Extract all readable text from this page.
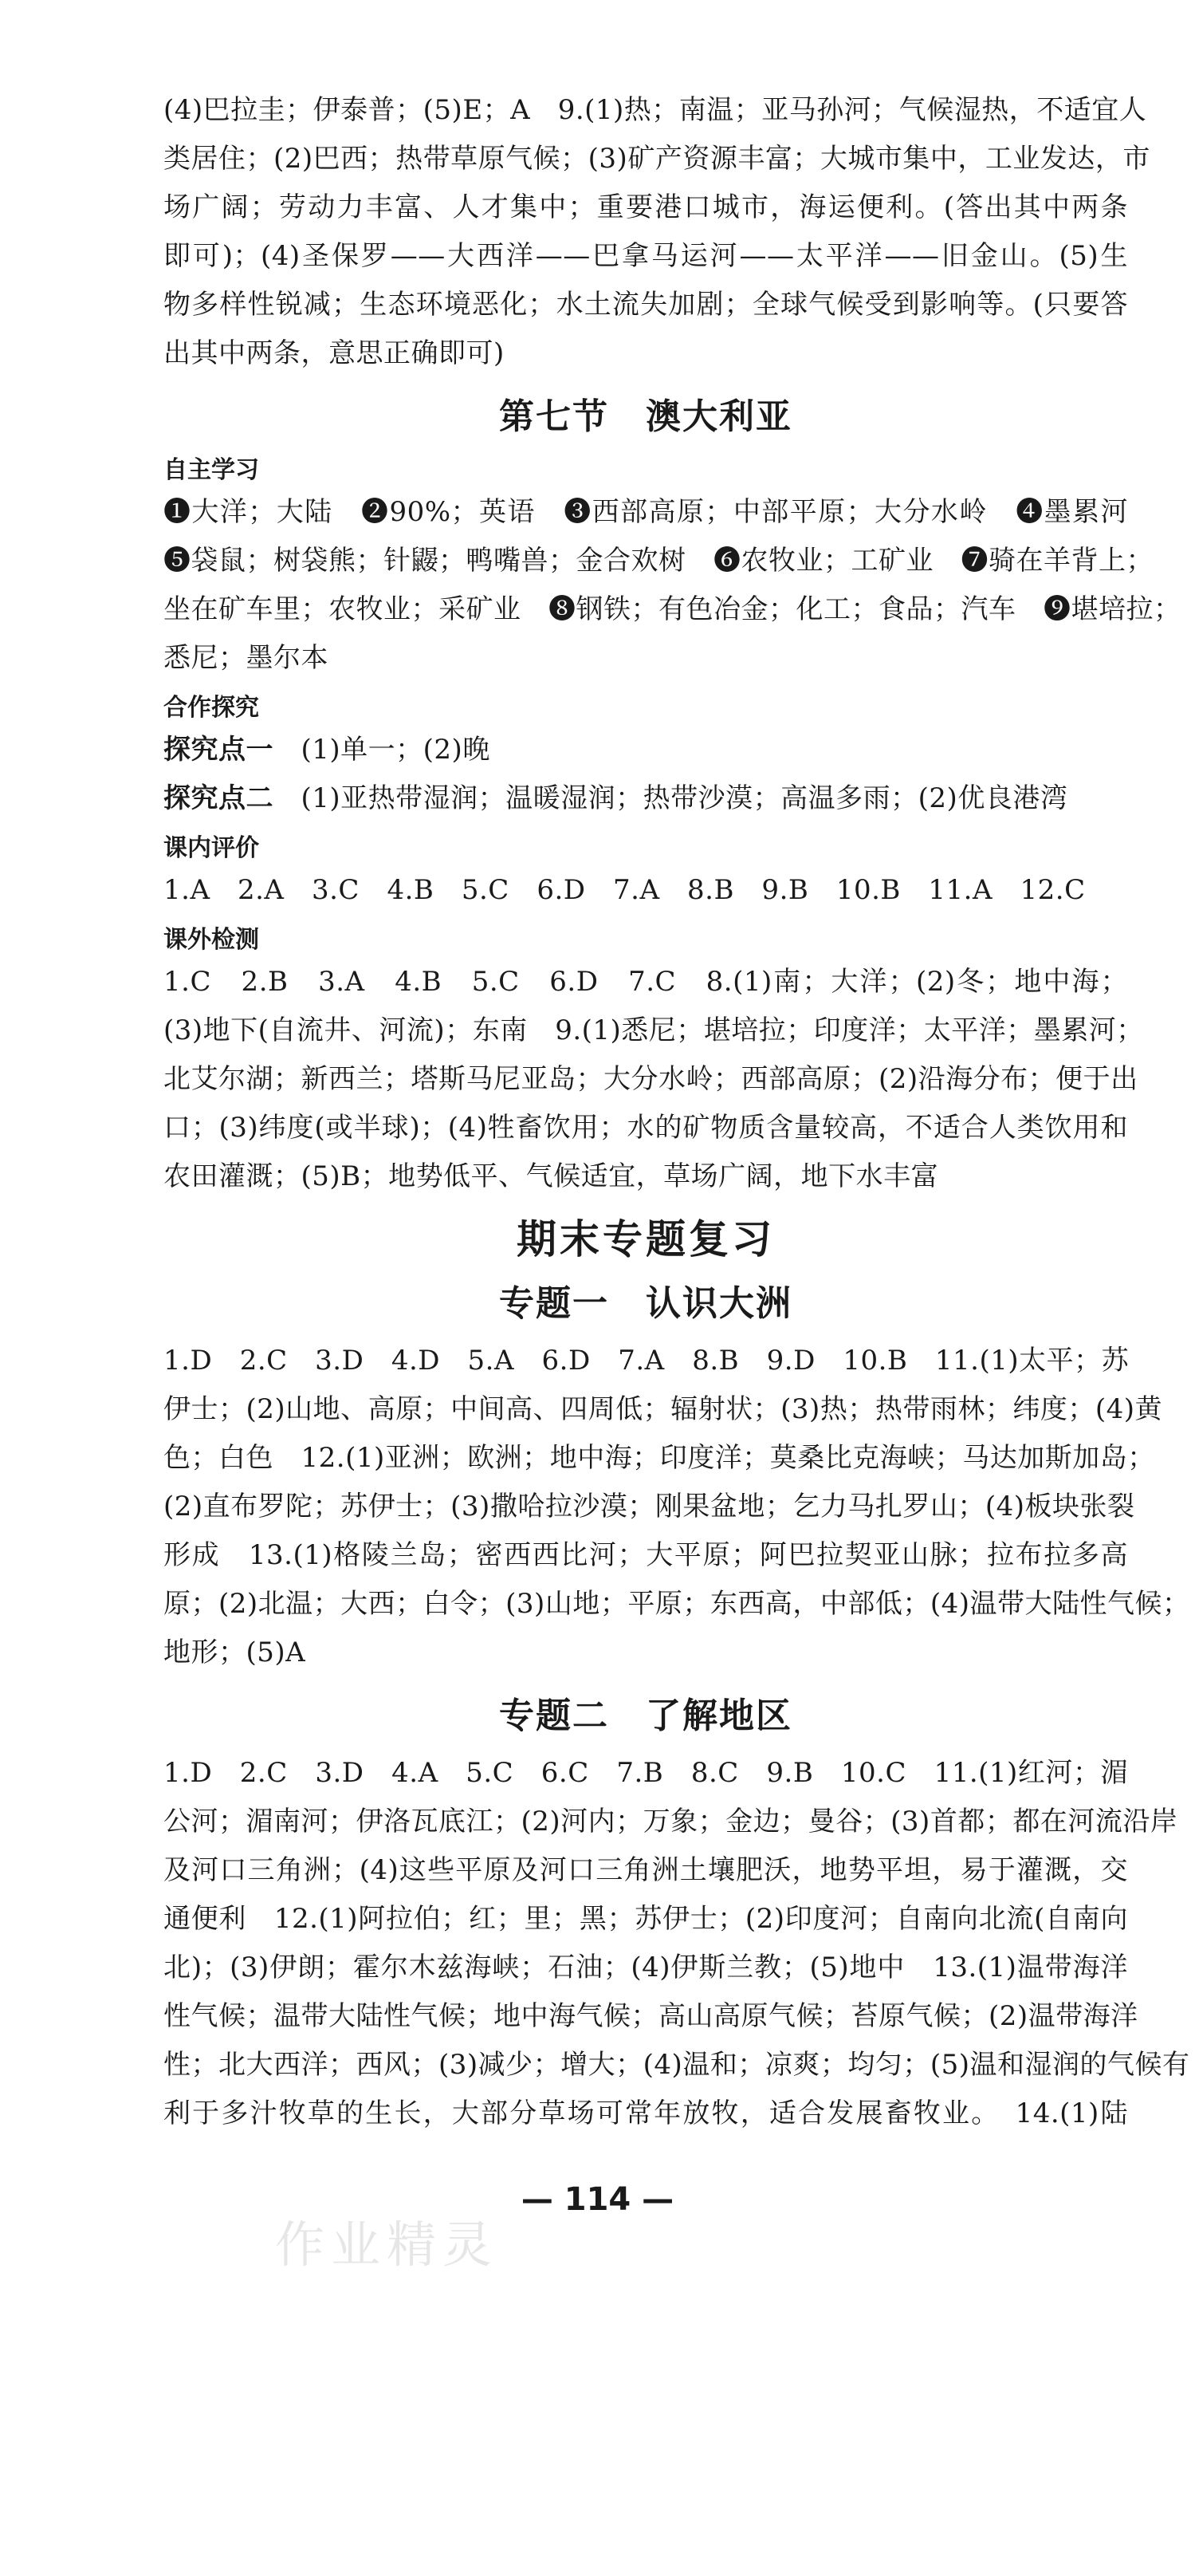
(4)巴拉圭；伊泰普；(5)E；A　9.(1)热；南温；亚马孙河；气候湿热，不适宜人

类居住；(2)巴西；热带草原气候；(3)矿产资源丰富；大城市集中，工业发达，市

场广阔；劳动力丰富、人才集中；重要港口城市，海运便利。(答出其中两条

即可)；(4)圣保罗——大西洋——巴拿马运河——太平洋——旧金山。(5)生

物多样性锐减；生态环境恶化；水土流失加剧；全球气候受到影响等。(只要答

出其中两条，意思正确即可)

第七节　澳大利亚
自主学习

❶大洋；大陆　❷90%；英语　❸西部高原；中部平原；大分水岭　❹墨累河

❺袋鼠；树袋熊；针鼹；鸭嘴兽；金合欢树　❻农牧业；工矿业　❼骑在羊背上；

坐在矿车里；农牧业；采矿业　❽钢铁；有色冶金；化工；食品；汽车　❾堪培拉；

悉尼；墨尔本

合作探究

探究点一　 (1)单一；(2)晚

探究点二　 (1)亚热带湿润；温暖湿润；热带沙漠；高温多雨；(2)优良港湾

课内评价

1.A　2.A　3.C　4.B　5.C　6.D　7.A　8.B　9.B　10.B　11.A　12.C

课外检测

1.C　2.B　3.A　4.B　5.C　6.D　7.C　8.(1)南；大洋；(2)冬；地中海；

(3)地下(自流井、河流)；东南　9.(1)悉尼；堪培拉；印度洋；太平洋；墨累河；

北艾尔湖；新西兰；塔斯马尼亚岛；大分水岭；西部高原；(2)沿海分布；便于出

口；(3)纬度(或半球)；(4)牲畜饮用；水的矿物质含量较高，不适合人类饮用和

农田灌溉；(5)B；地势低平、气候适宜，草场广阔，地下水丰富

期末专题复习
专题一　认识大洲

1.D　2.C　3.D　4.D　5.A　6.D　7.A　8.B　9.D　10.B　11.(1)太平；苏

伊士；(2)山地、高原；中间高、四周低；辐射状；(3)热；热带雨林；纬度；(4)黄

色；白色　12.(1)亚洲；欧洲；地中海；印度洋；莫桑比克海峡；马达加斯加岛；

(2)直布罗陀；苏伊士；(3)撒哈拉沙漠；刚果盆地；乞力马扎罗山；(4)板块张裂

形成　13.(1)格陵兰岛；密西西比河；大平原；阿巴拉契亚山脉；拉布拉多高

原；(2)北温；大西；白令；(3)山地；平原；东西高，中部低；(4)温带大陆性气候；

地形；(5)A

专题二　了解地区

1.D　2.C　3.D　4.A　5.C　6.C　7.B　8.C　9.B　10.C　11.(1)红河；湄

公河；湄南河；伊洛瓦底江；(2)河内；万象；金边；曼谷；(3)首都；都在河流沿岸

及河口三角洲；(4)这些平原及河口三角洲土壤肥沃，地势平坦，易于灌溉，交

通便利　12.(1)阿拉伯；红；里；黑；苏伊士；(2)印度河；自南向北流(自南向

北)；(3)伊朗；霍尔木兹海峡；石油；(4)伊斯兰教；(5)地中　13.(1)温带海洋

性气候；温带大陆性气候；地中海气候；高山高原气候；苔原气候；(2)温带海洋

性；北大西洋；西风；(3)减少；增大；(4)温和；凉爽；均匀；(5)温和湿润的气候有

利于多汁牧草的生长，大部分草场可常年放牧，适合发展畜牧业。　14.(1)陆

— 114 —
作业精灵
